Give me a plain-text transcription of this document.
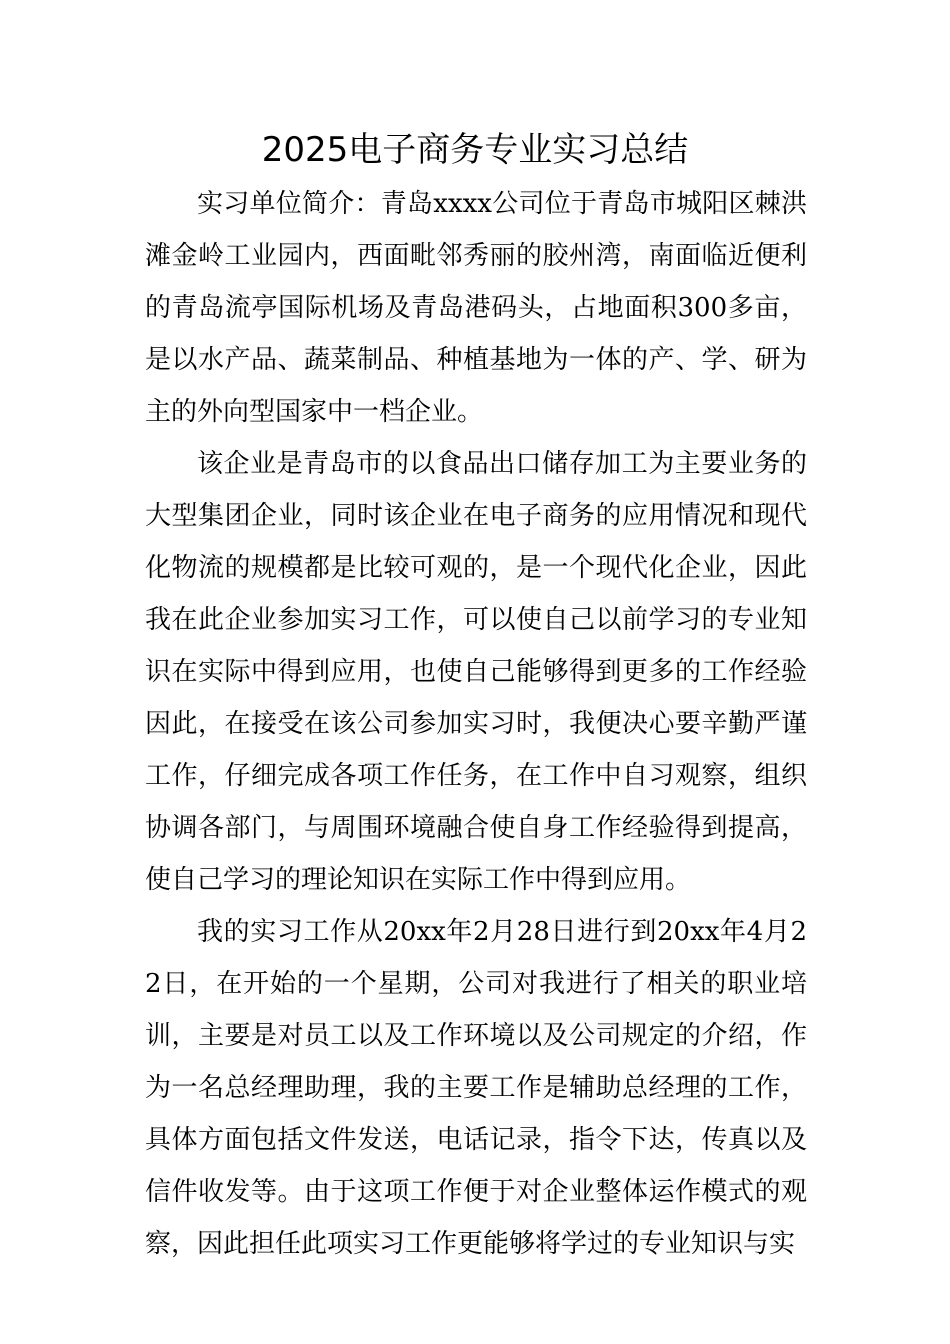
2025电子商务专业实习总结

实习单位简介：青岛xxxx公司位于青岛市城阳区棘洪滩金岭工业园内，西面毗邻秀丽的胶州湾，南面临近便利的青岛流亭国际机场及青岛港码头，占地面积300多亩，是以水产品、蔬菜制品、种植基地为一体的产、学、研为主的外向型国家中一档企业。

该企业是青岛市的以食品出口储存加工为主要业务的大型集团企业，同时该企业在电子商务的应用情况和现代化物流的规模都是比较可观的，是一个现代化企业，因此我在此企业参加实习工作，可以使自己以前学习的专业知识在实际中得到应用，也使自己能够得到更多的工作经验因此，在接受在该公司参加实习时，我便决心要辛勤严谨工作，仔细完成各项工作任务，在工作中自习观察，组织协调各部门，与周围环境融合使自身工作经验得到提高，使自己学习的理论知识在实际工作中得到应用。

我的实习工作从20xx年2月28日进行到20xx年4月22日，在开始的一个星期，公司对我进行了相关的职业培训，主要是对员工以及工作环境以及公司规定的介绍，作为一名总经理助理，我的主要工作是辅助总经理的工作，具体方面包括文件发送，电话记录，指令下达，传真以及信件收发等。由于这项工作便于对企业整体运作模式的观察，因此担任此项实习工作更能够将学过的专业知识与实
